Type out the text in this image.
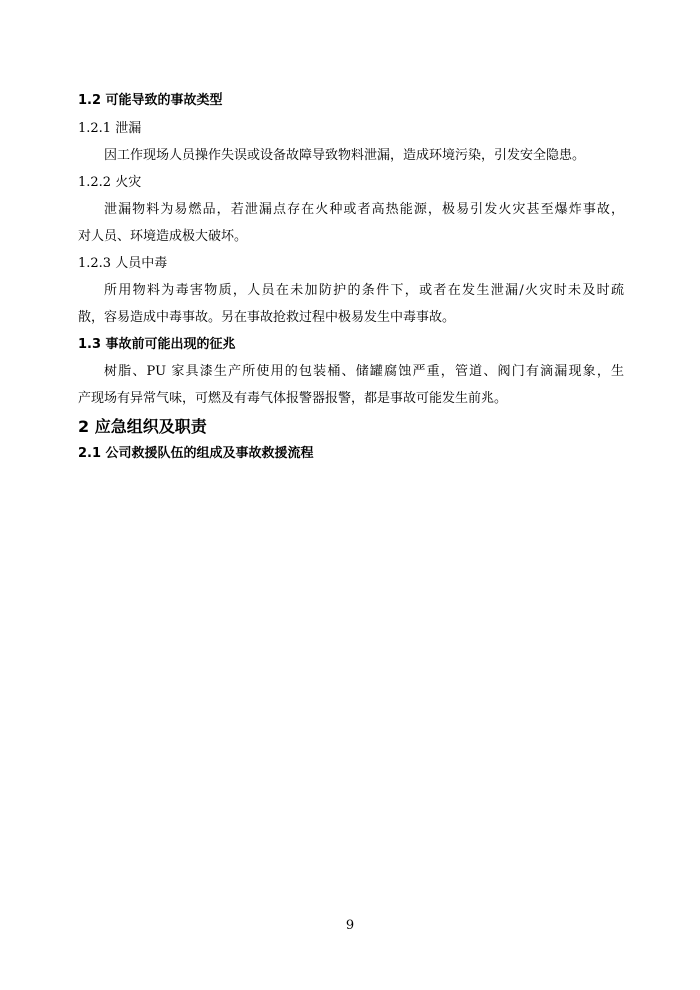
1.2 可能导致的事故类型
1.2.1 泄漏
因工作现场人员操作失误或设备故障导致物料泄漏，造成环境污染，引发安全隐患。
1.2.2 火灾
泄漏物料为易燃品，若泄漏点存在火种或者高热能源，极易引发火灾甚至爆炸事故，
对人员、环境造成极大破坏。
1.2.3 人员中毒
所用物料为毒害物质，人员在未加防护的条件下，或者在发生泄漏/火灾时未及时疏
散，容易造成中毒事故。另在事故抢救过程中极易发生中毒事故。
1.3 事故前可能出现的征兆
树脂、PU 家具漆生产所使用的包装桶、储罐腐蚀严重，管道、阀门有滴漏现象，生
产现场有异常气味，可燃及有毒气体报警器报警，都是事故可能发生前兆。
2 应急组织及职责
2.1 公司救援队伍的组成及事故救援流程
9
